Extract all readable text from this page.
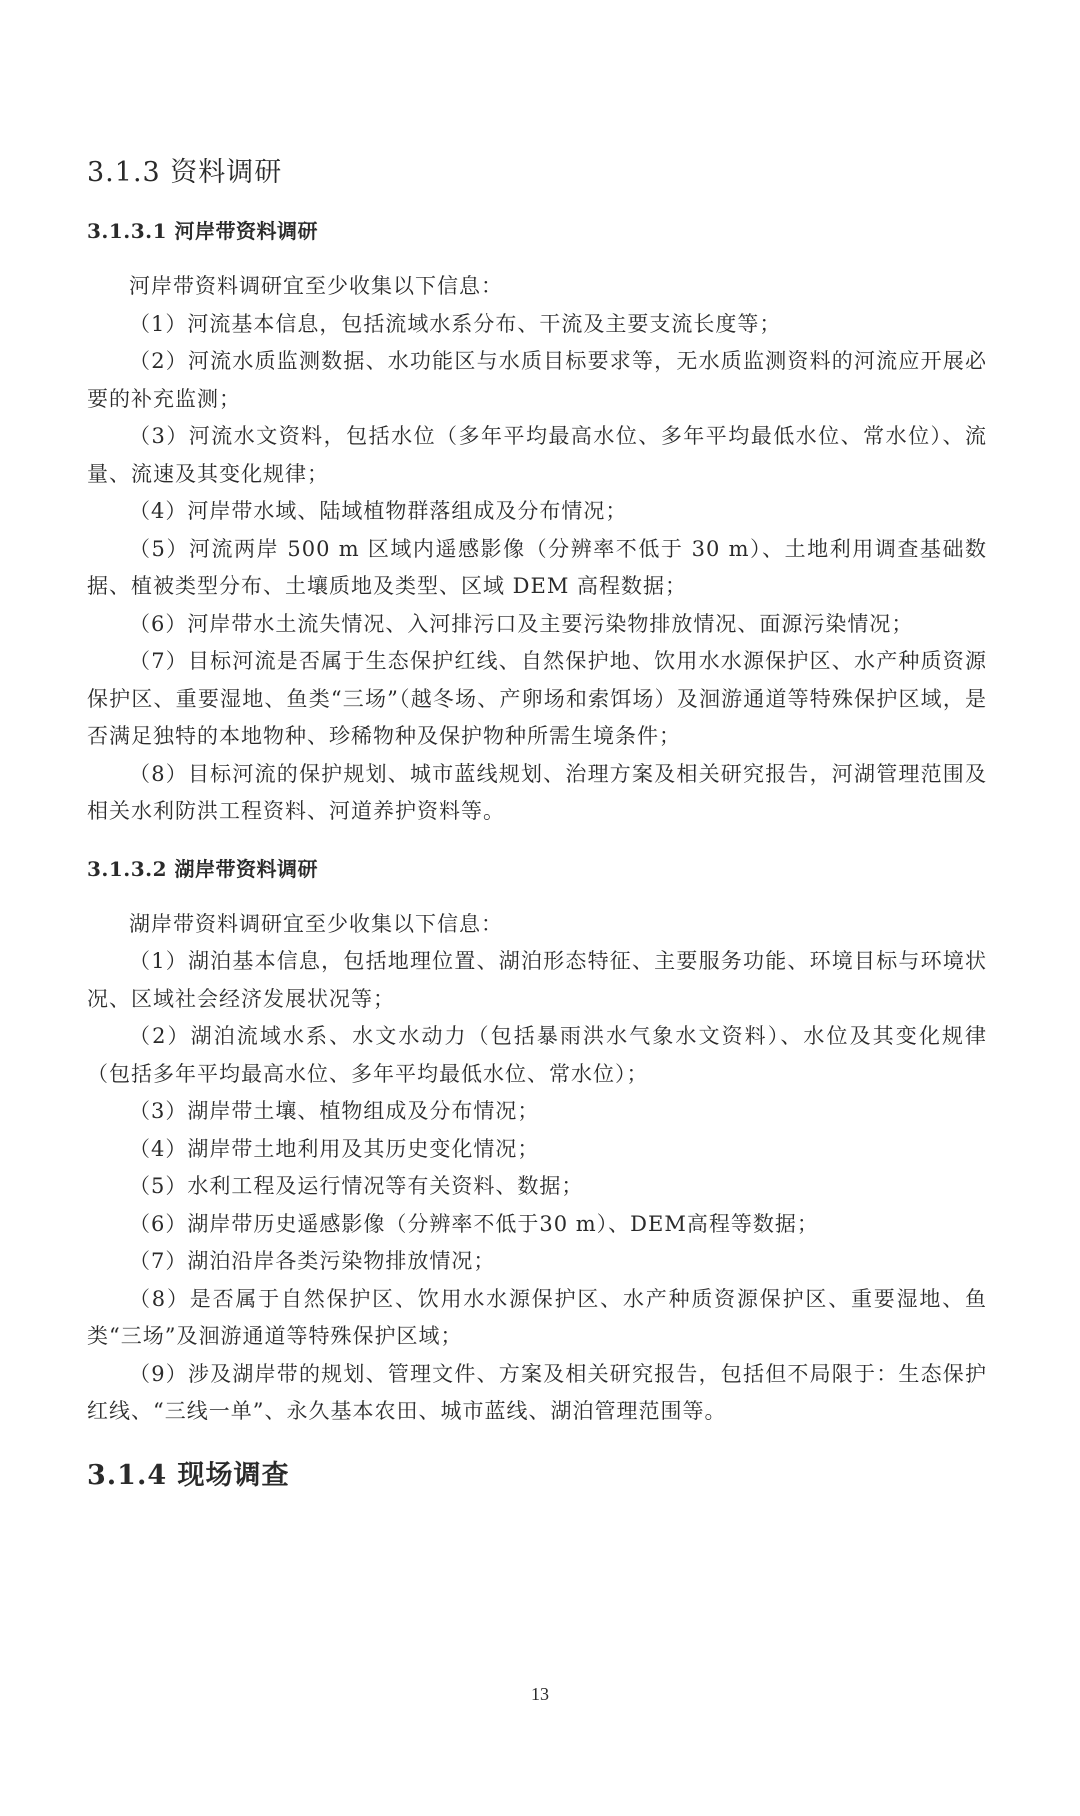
3.1.3 资料调研
3.1.3.1 河岸带资料调研

河岸带资料调研宜至少收集以下信息：

（1）河流基本信息，包括流域水系分布、干流及主要支流长度等；

（2）河流水质监测数据、水功能区与水质目标要求等，无水质监测资料的河流应开展必要的补充监测；

（3）河流水文资料，包括水位（多年平均最高水位、多年平均最低水位、常水位）、流量、流速及其变化规律；

（4）河岸带水域、陆域植物群落组成及分布情况；

（5）河流两岸 500 m 区域内遥感影像（分辨率不低于 30 m）、土地利用调查基础数据、植被类型分布、土壤质地及类型、区域 DEM 高程数据；

（6）河岸带水土流失情况、入河排污口及主要污染物排放情况、面源污染情况；

（7）目标河流是否属于生态保护红线、自然保护地、饮用水水源保护区、水产种质资源保护区、重要湿地、鱼类“三场”（越冬场、产卵场和索饵场）及洄游通道等特殊保护区域，是否满足独特的本地物种、珍稀物种及保护物种所需生境条件；

（8）目标河流的保护规划、城市蓝线规划、治理方案及相关研究报告，河湖管理范围及相关水利防洪工程资料、河道养护资料等。

3.1.3.2 湖岸带资料调研

湖岸带资料调研宜至少收集以下信息：

（1）湖泊基本信息，包括地理位置、湖泊形态特征、主要服务功能、环境目标与环境状况、区域社会经济发展状况等；

（2）湖泊流域水系、水文水动力（包括暴雨洪水气象水文资料）、水位及其变化规律（包括多年平均最高水位、多年平均最低水位、常水位）；

（3）湖岸带土壤、植物组成及分布情况；

（4）湖岸带土地利用及其历史变化情况；

（5）水利工程及运行情况等有关资料、数据；

（6）湖岸带历史遥感影像（分辨率不低于30 m）、DEM高程等数据；

（7）湖泊沿岸各类污染物排放情况；

（8）是否属于自然保护区、饮用水水源保护区、水产种质资源保护区、重要湿地、鱼类“三场”及洄游通道等特殊保护区域；

（9）涉及湖岸带的规划、管理文件、方案及相关研究报告，包括但不局限于：生态保护红线、“三线一单”、永久基本农田、城市蓝线、湖泊管理范围等。

3.1.4 现场调查
13
